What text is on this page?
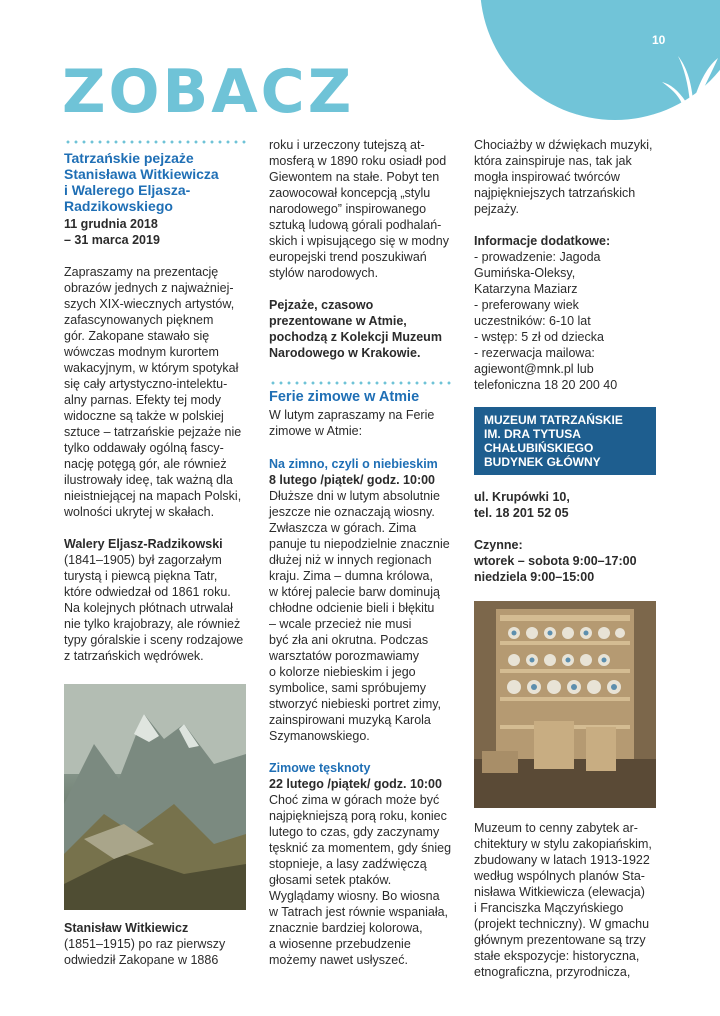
10
ZOBACZ
Tatrzańskie pejzaże
Stanisława Witkiewicza
i Walerego Eljasza-
Radzikowskiego
11 grudnia 2018
– 31 marca 2019
Zapraszamy na prezentację
obrazów jednych z najważniej-
szych XIX-wiecznych artystów,
zafascynowanych pięknem
gór. Zakopane stawało się
wówczas modnym kurortem
wakacyjnym, w którym spotykał
się cały artystyczno-intelektu-
alny parnas. Efekty tej mody
widoczne są także w polskiej
sztuce – tatrzańskie pejzaże nie
tylko oddawały ogólną fascy-
nację potęgą gór, ale również
ilustrowały ideę, tak ważną dla
nieistniejącej na mapach Polski,
wolności ukrytej w skałach.
Walery Eljasz-Radzikowski
(1841–1905) był zagorzałym
turystą i piewcą piękna Tatr,
które odwiedzał od 1861 roku.
Na kolejnych płótnach utrwalał
nie tylko krajobrazy, ale również
typy góralskie i sceny rodzajowe
z tatrzańskich wędrówek.
Stanisław Witkiewicz
(1851–1915) po raz pierwszy
odwiedził Zakopane w 1886
roku i urzeczony tutejszą at-
mosferą w 1890 roku osiadł pod
Giewontem na stałe. Pobyt ten
zaowocował koncepcją „stylu
narodowego” inspirowanego
sztuką ludową górali podhalań-
skich i wpisującego się w modny
europejski trend poszukiwań
stylów narodowych.
Pejzaże, czasowo
prezentowane w Atmie,
pochodzą z Kolekcji Muzeum
Narodowego w Krakowie.
Ferie zimowe w Atmie
W lutym zapraszamy na Ferie
zimowe w Atmie:
Na zimno, czyli o niebieskim
8 lutego /piątek/ godz. 10:00
Dłuższe dni w lutym absolutnie
jeszcze nie oznaczają wiosny.
Zwłaszcza w górach. Zima
panuje tu niepodzielnie znacznie
dłużej niż w innych regionach
kraju. Zima – dumna królowa,
w której palecie barw dominują
chłodne odcienie bieli i błękitu
– wcale przecież nie musi
być zła ani okrutna. Podczas
warsztatów porozmawiamy
o kolorze niebieskim i jego
symbolice, sami spróbujemy
stworzyć niebieski portret zimy,
zainspirowani muzyką Karola
Szymanowskiego.
Zimowe tęsknoty
22 lutego /piątek/ godz. 10:00
Choć zima w górach może być
najpiękniejszą porą roku, koniec
lutego to czas, gdy zaczynamy
tęsknić za momentem, gdy śnieg
stopnieje, a lasy zadźwięczą
głosami setek ptaków.
Wyglądamy wiosny. Bo wiosna
w Tatrach jest równie wspaniała,
znacznie bardziej kolorowa,
a wiosenne przebudzenie
możemy nawet usłyszeć.
Chociażby w dźwiękach muzyki,
która zainspiruje nas, tak jak
mogła inspirować twórców
najpiękniejszych tatrzańskich
pejzaży.
Informacje dodatkowe:
- prowadzenie: Jagoda
Gumińska-Oleksy,
Katarzyna Maziarz
- preferowany wiek
uczestników: 6-10 lat
- wstęp: 5 zł od dziecka
- rezerwacja mailowa:
agiewont@mnk.pl lub
telefoniczna 18 20 200 40
MUZEUM TATRZAŃSKIE
IM. DRA TYTUSA
CHAŁUBIŃSKIEGO
BUDYNEK GŁÓWNY
ul. Krupówki 10,
tel. 18 201 52 05
Czynne:
wtorek – sobota 9:00–17:00
niedziela 9:00–15:00
Muzeum to cenny zabytek ar-
chitektury w stylu zakopiańskim,
zbudowany w latach 1913-1922
według wspólnych planów Sta-
nisława Witkiewicza (elewacja)
i Franciszka Mączyńskiego
(projekt techniczny). W gmachu
głównym prezentowane są trzy
stałe ekspozycje: historyczna,
etnograficzna, przyrodnicza,
